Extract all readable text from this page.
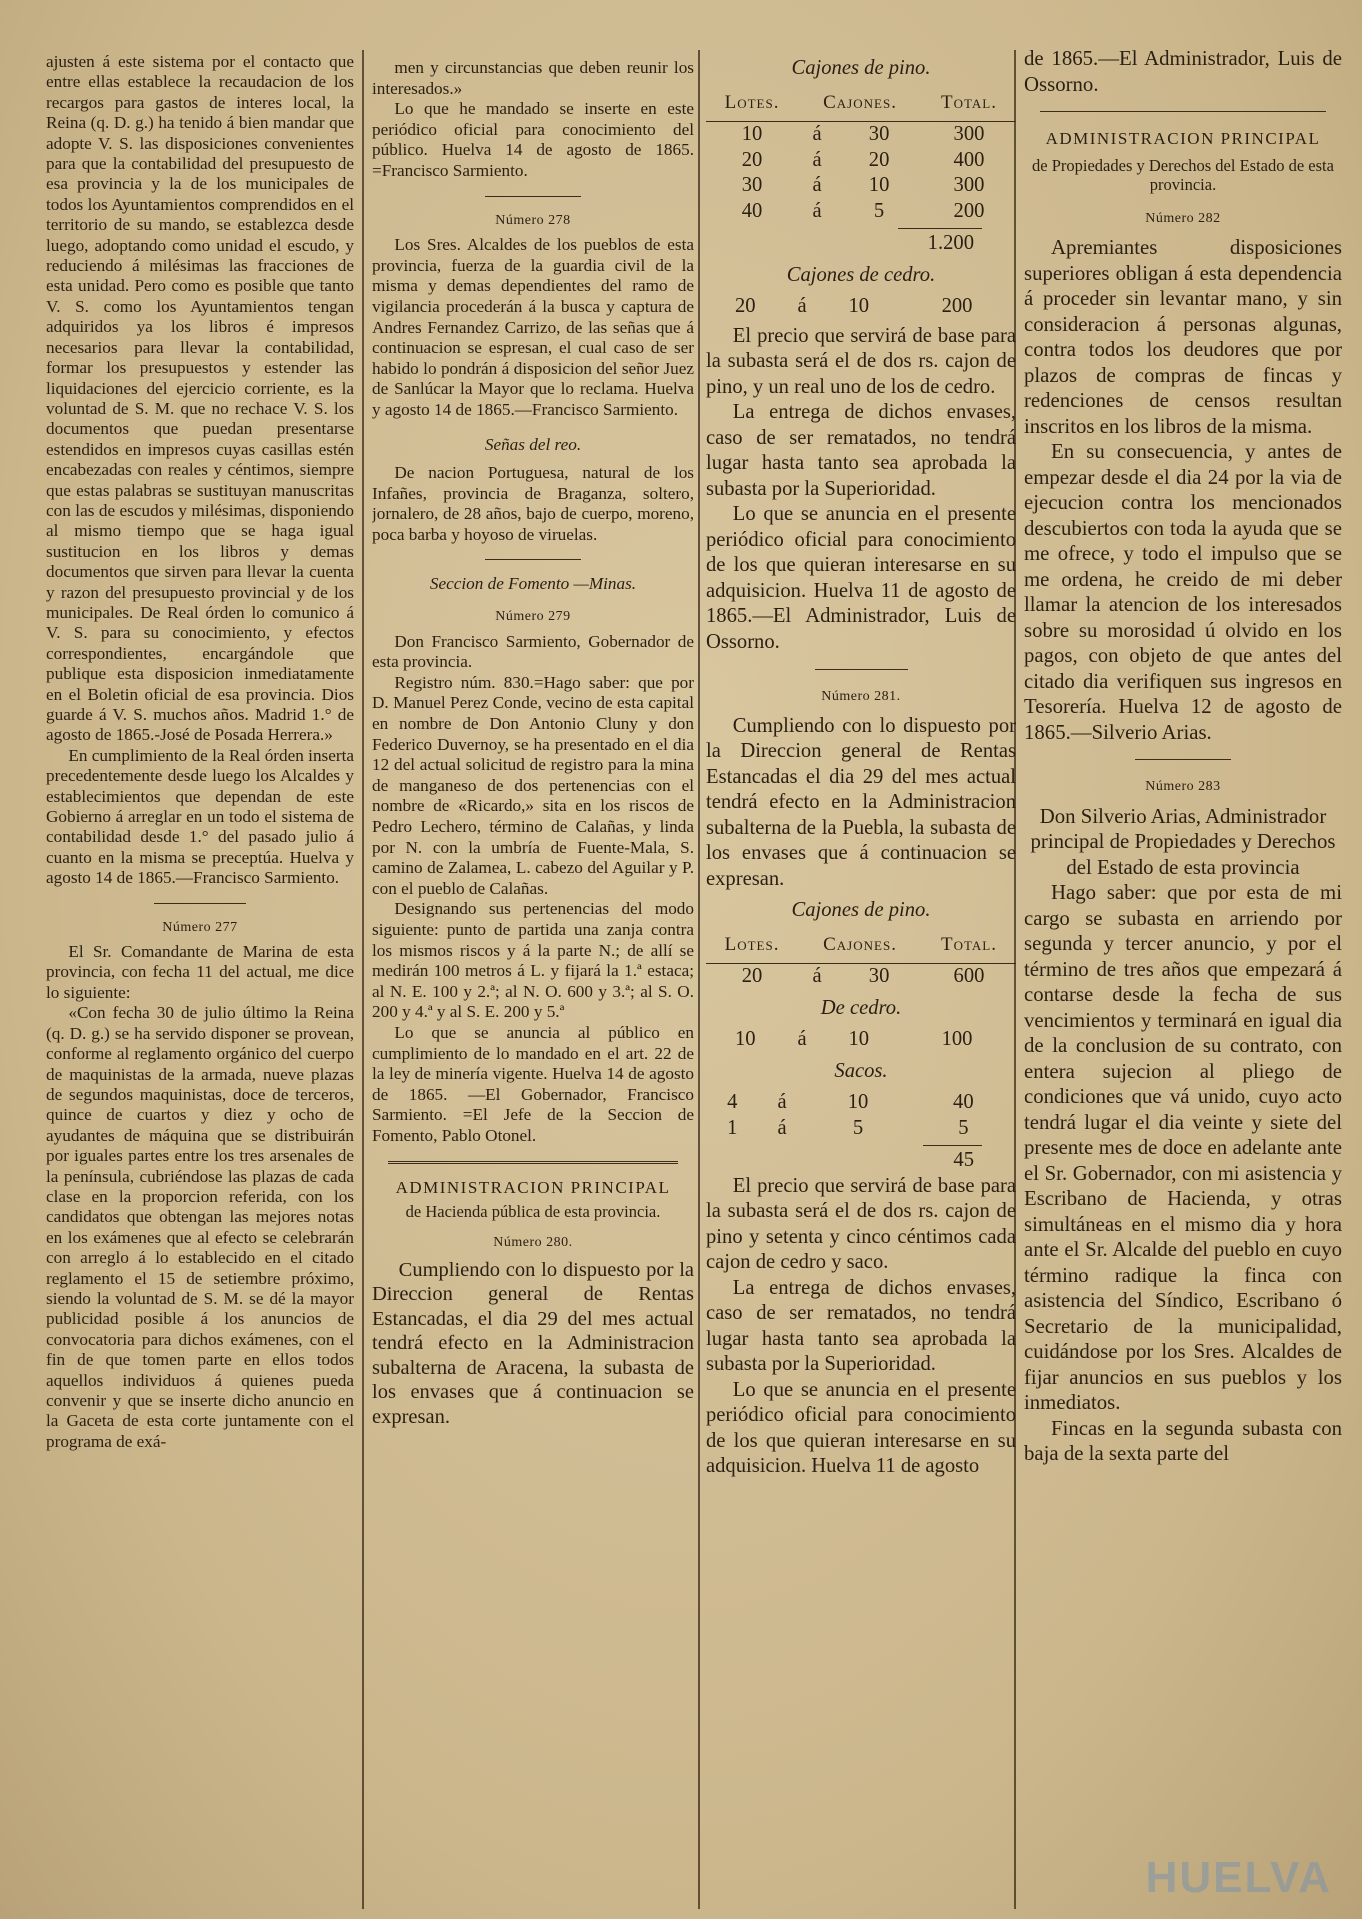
ajusten á este sistema por el contacto que entre ellas establece la recaudacion de los recargos para gastos de interes local, la Reina (q. D. g.) ha tenido á bien mandar que adopte V. S. las disposiciones convenientes para que la contabilidad del presupuesto de esa provincia y la de los municipales de todos los Ayuntamientos comprendidos en el territorio de su mando, se establezca desde luego, adoptando como unidad el escudo, y reduciendo á milésimas las fracciones de esta unidad. Pero como es posible que tanto V. S. como los Ayuntamientos tengan adquiridos ya los libros é impresos necesarios para llevar la contabilidad, formar los presupuestos y estender las liquidaciones del ejercicio corriente, es la voluntad de S. M. que no rechace V. S. los documentos que puedan presentarse estendidos en impresos cuyas casillas estén encabezadas con reales y céntimos, siempre que estas palabras se sustituyan manuscritas con las de escudos y milésimas, disponiendo al mismo tiempo que se haga igual sustitucion en los libros y demas documentos que sirven para llevar la cuenta y razon del presupuesto provincial y de los municipales. De Real órden lo comunico á V. S. para su conocimiento, y efectos correspondientes, encargándole que publique esta disposicion inmediatamente en el Boletin oficial de esa provincia. Dios guarde á V. S. muchos años. Madrid 1.° de agosto de 1865.-José de Posada Herrera.»

En cumplimiento de la Real órden inserta precedentemente desde luego los Alcaldes y establecimientos que dependan de este Gobierno á arreglar en un todo el sistema de contabilidad desde 1.° del pasado julio á cuanto en la misma se preceptúa. Huelva y agosto 14 de 1865.—Francisco Sarmiento.

Número 277

El Sr. Comandante de Marina de esta provincia, con fecha 11 del actual, me dice lo siguiente:

«Con fecha 30 de julio último la Reina (q. D. g.) se ha servido disponer se provean, conforme al reglamento orgánico del cuerpo de maquinistas de la armada, nueve plazas de segundos maquinistas, doce de terceros, quince de cuartos y diez y ocho de ayudantes de máquina que se distribuirán por iguales partes entre los tres arsenales de la península, cubriéndose las plazas de cada clase en la proporcion referida, con los candidatos que obtengan las mejores notas en los exámenes que al efecto se celebrarán con arreglo á lo establecido en el citado reglamento el 15 de setiembre próximo, siendo la voluntad de S. M. se dé la mayor publicidad posible á los anuncios de convocatoria para dichos exámenes, con el fin de que tomen parte en ellos todos aquellos individuos á quienes pueda convenir y que se inserte dicho anuncio en la Gaceta de esta corte juntamente con el programa de exá-

men y circunstancias que deben reunir los interesados.»

Lo que he mandado se inserte en este periódico oficial para conocimiento del público. Huelva 14 de agosto de 1865. =Francisco Sarmiento.

Número 278

Los Sres. Alcaldes de los pueblos de esta provincia, fuerza de la guardia civil de la misma y demas dependientes del ramo de vigilancia procederán á la busca y captura de Andres Fernandez Carrizo, de las señas que á continuacion se espresan, el cual caso de ser habido lo pondrán á disposicion del señor Juez de Sanlúcar la Mayor que lo reclama. Huelva y agosto 14 de 1865.—Francisco Sarmiento.

Señas del reo.

De nacion Portuguesa, natural de los Infañes, provincia de Braganza, soltero, jornalero, de 28 años, bajo de cuerpo, moreno, poca barba y hoyoso de viruelas.

Seccion de Fomento —Minas.
Número 279

Don Francisco Sarmiento, Gobernador de esta provincia.

Registro núm. 830.=Hago saber: que por D. Manuel Perez Conde, vecino de esta capital en nombre de Don Antonio Cluny y don Federico Duvernoy, se ha presentado en el dia 12 del actual solicitud de registro para la mina de manganeso de dos pertenencias con el nombre de «Ricardo,» sita en los riscos de Pedro Lechero, término de Calañas, y linda por N. con la umbría de Fuente-Mala, S. camino de Zalamea, L. cabezo del Aguilar y P. con el pueblo de Calañas.

Designando sus pertenencias del modo siguiente: punto de partida una zanja contra los mismos riscos y á la parte N.; de allí se medirán 100 metros á L. y fijará la 1.ª estaca; al N. E. 100 y 2.ª; al N. O. 600 y 3.ª; al S. O. 200 y 4.ª y al S. E. 200 y 5.ª

Lo que se anuncia al público en cumplimiento de lo mandado en el art. 22 de la ley de minería vigente. Huelva 14 de agosto de 1865. —El Gobernador, Francisco Sarmiento. =El Jefe de la Seccion de Fomento, Pablo Otonel.

ADMINISTRACION PRINCIPAL
de Hacienda pública de esta provincia.
Número 280.

Cumpliendo con lo dispuesto por la Direccion general de Rentas Estancadas, el dia 29 del mes actual tendrá efecto en la Administracion subalterna de Aracena, la subasta de los envases que á continuacion se expresan.

Cajones de pino.
Lotes.	Cajones.		Total.
10	á	30	300
20	á	20	400
30	á	10	300
40	á	5	200
1.200
Cajones de cedro.
20	á	10	200

El precio que servirá de base para la subasta será el de dos rs. cajon de pino, y un real uno de los de cedro.

La entrega de dichos envases, caso de ser rematados, no tendrá lugar hasta tanto sea aprobada la subasta por la Superioridad.

Lo que se anuncia en el presente periódico oficial para conocimiento de los que quieran interesarse en su adquisicion. Huelva 11 de agosto de 1865.—El Administrador, Luis de Ossorno.

Número 281.

Cumpliendo con lo dispuesto por la Direccion general de Rentas Estancadas el dia 29 del mes actual tendrá efecto en la Administracion subalterna de la Puebla, la subasta de los envases que á continuacion se expresan.

Cajones de pino.
Lotes.	Cajones.		Total.
20	á	30	600
De cedro.
10	á	10	100
Sacos.
4	á	10	40
1	á	5	5
45

El precio que servirá de base para la subasta será el de dos rs. cajon de pino y setenta y cinco céntimos cada cajon de cedro y saco.

La entrega de dichos envases, caso de ser rematados, no tendrá lugar hasta tanto sea aprobada la subasta por la Superioridad.

Lo que se anuncia en el presente periódico oficial para conocimiento de los que quieran interesarse en su adquisicion. Huelva 11 de agosto

de 1865.—El Administrador, Luis de Ossorno.

ADMINISTRACION PRINCIPAL
de Propiedades y Derechos del Estado de esta provincia.
Número 282

Apremiantes disposiciones superiores obligan á esta dependencia á proceder sin levantar mano, y sin consideracion á personas algunas, contra todos los deudores que por plazos de compras de fincas y redenciones de censos resultan inscritos en los libros de la misma.

En su consecuencia, y antes de empezar desde el dia 24 por la via de ejecucion contra los mencionados descubiertos con toda la ayuda que se me ofrece, y todo el impulso que se me ordena, he creido de mi deber llamar la atencion de los interesados sobre su morosidad ú olvido en los pagos, con objeto de que antes del citado dia verifiquen sus ingresos en Tesorería. Huelva 12 de agosto de 1865.—Silverio Arias.

Número 283

Don Silverio Arias, Administrador principal de Propiedades y Derechos del Estado de esta provincia

Hago saber: que por esta de mi cargo se subasta en arriendo por segunda y tercer anuncio, y por el término de tres años que empezará á contarse desde la fecha de sus vencimientos y terminará en igual dia de la conclusion de su contrato, con entera sujecion al pliego de condiciones que vá unido, cuyo acto tendrá lugar el dia veinte y siete del presente mes de doce en adelante ante el Sr. Gobernador, con mi asistencia y Escribano de Hacienda, y otras simultáneas en el mismo dia y hora ante el Sr. Alcalde del pueblo en cuyo término radique la finca con asistencia del Síndico, Escribano ó Secretario de la municipalidad, cuidándose por los Sres. Alcaldes de fijar anuncios en sus pueblos y los inmediatos.

Fincas en la segunda subasta con baja de la sexta parte del

HUELVA
